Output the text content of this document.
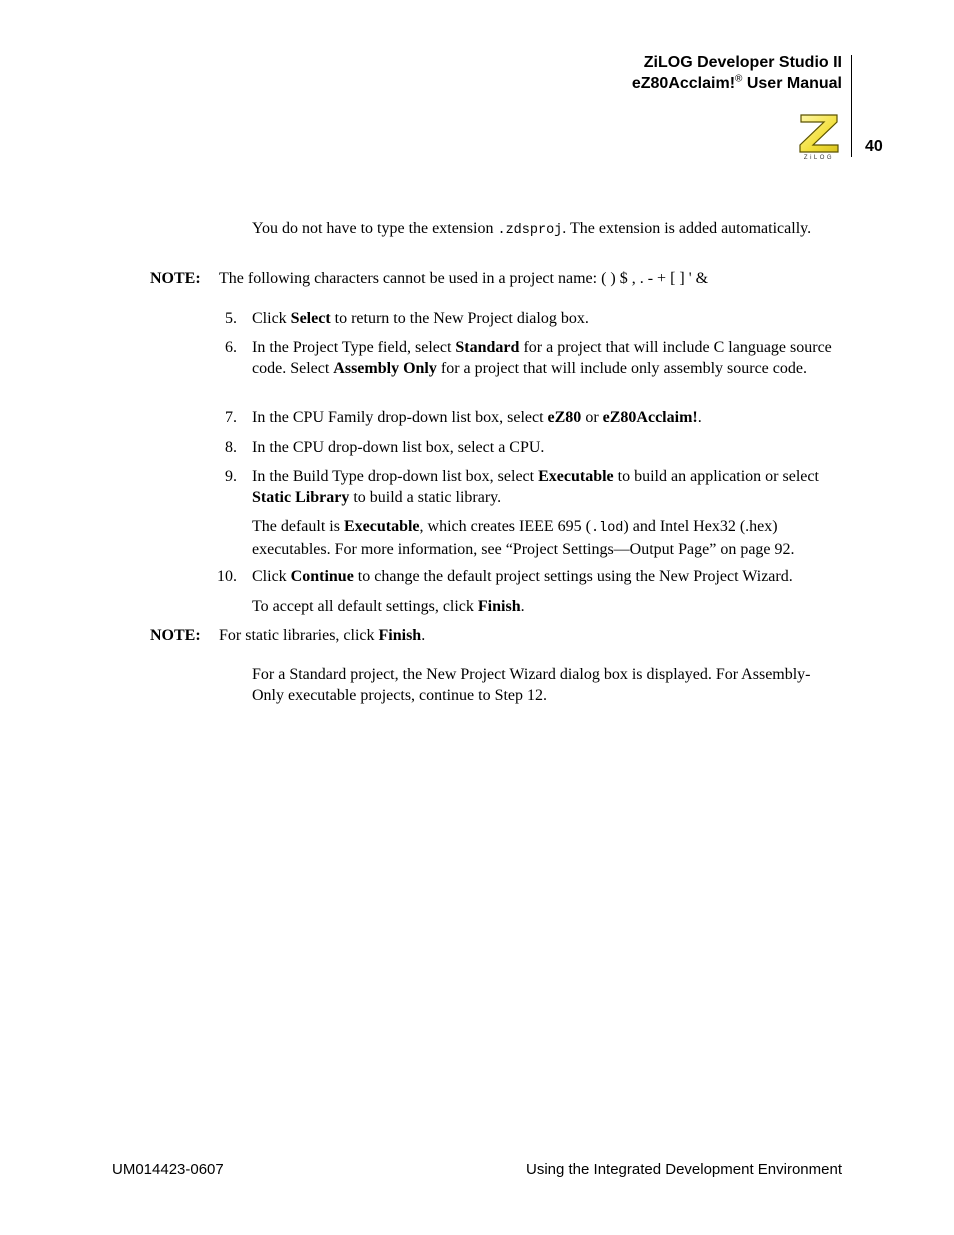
ZiLOG Developer Studio II
eZ80Acclaim!® User Manual
ZiLOG
40
You do not have to type the extension .zdsproj. The extension is added automatically.
NOTE: The following characters cannot be used in a project name: ( ) $ , . - + [ ] ' &
5. Click Select to return to the New Project dialog box.
6. In the Project Type field, select Standard for a project that will include C language source code. Select Assembly Only for a project that will include only assembly source code.
7. In the CPU Family drop-down list box, select eZ80 or eZ80Acclaim!.
8. In the CPU drop-down list box, select a CPU.
9. In the Build Type drop-down list box, select Executable to build an application or select Static Library to build a static library.
The default is Executable, which creates IEEE 695 (.lod) and Intel Hex32 (.hex) executables. For more information, see “Project Settings—Output Page” on page 92.
10. Click Continue to change the default project settings using the New Project Wizard.
To accept all default settings, click Finish.
NOTE: For static libraries, click Finish.
For a Standard project, the New Project Wizard dialog box is displayed. For Assembly-Only executable projects, continue to Step 12.
UM014423-0607	Using the Integrated Development Environment
